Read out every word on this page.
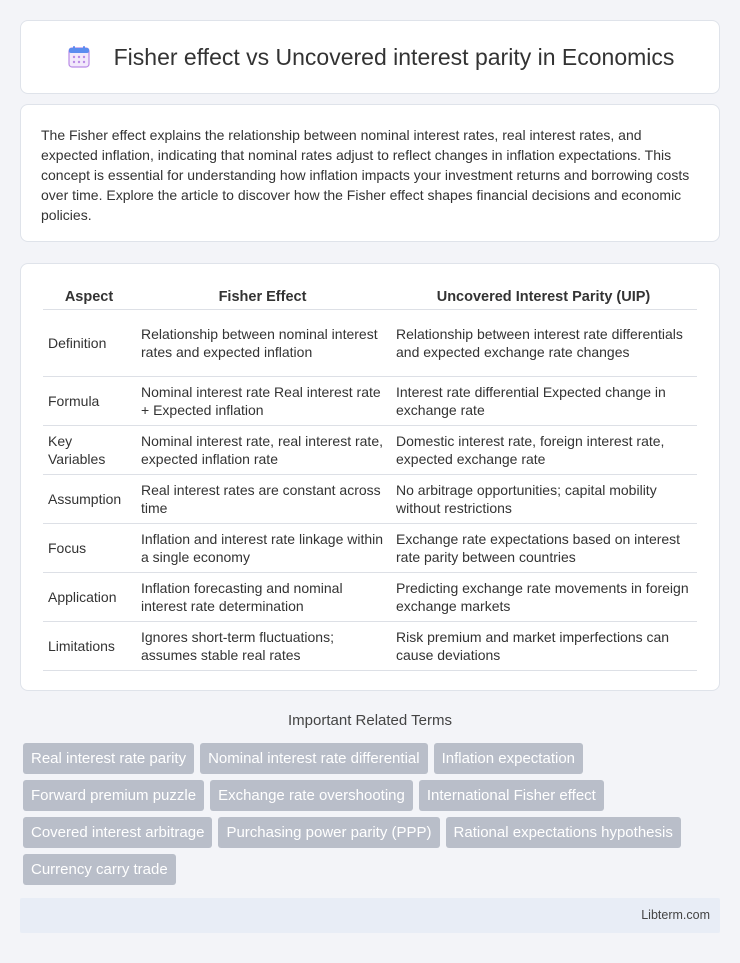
Fisher effect vs Uncovered interest parity in Economics

The Fisher effect explains the relationship between nominal interest rates, real interest rates, and expected inflation, indicating that nominal rates adjust to reflect changes in inflation expectations. This concept is essential for understanding how inflation impacts your investment returns and borrowing costs over time. Explore the article to discover how the Fisher effect shapes financial decisions and economic policies.

Aspect	Fisher Effect	Uncovered Interest Parity (UIP)
Definition	Relationship between nominal interest rates and expected inflation	Relationship between interest rate differentials and expected exchange rate changes
Formula	Nominal interest rate Real interest rate + Expected inflation	Interest rate differential Expected change in exchange rate
Key Variables	Nominal interest rate, real interest rate, expected inflation rate	Domestic interest rate, foreign interest rate, expected exchange rate
Assumption	Real interest rates are constant across time	No arbitrage opportunities; capital mobility without restrictions
Focus	Inflation and interest rate linkage within a single economy	Exchange rate expectations based on interest rate parity between countries
Application	Inflation forecasting and nominal interest rate determination	Predicting exchange rate movements in foreign exchange markets
Limitations	Ignores short-term fluctuations; assumes stable real rates	Risk premium and market imperfections can cause deviations
Important Related Terms
Real interest rate parity	Nominal interest rate differential	Inflation expectation
Forward premium puzzle	Exchange rate overshooting	International Fisher effect
Covered interest arbitrage	Purchasing power parity (PPP)	Rational expectations hypothesis
Currency carry trade
Libterm.com
